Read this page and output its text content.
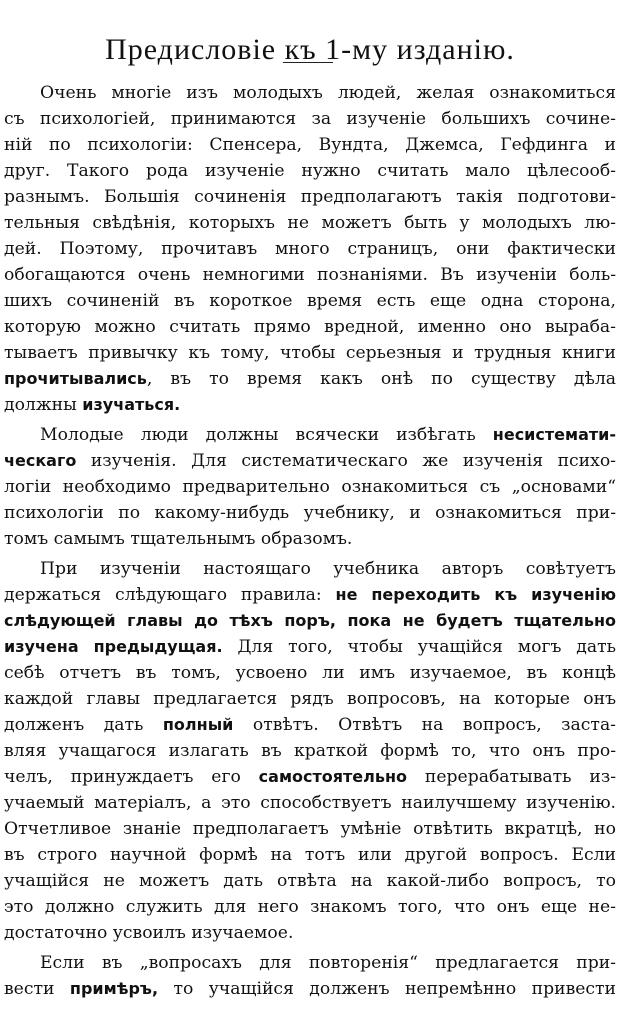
Предисловіе къ 1-му изданію.
Очень многіе изъ молодыхъ людей, желая ознакомиться
съ психологіей, принимаются за изученіе большихъ сочине-
ній по психологіи: Спенсера, Вундта, Джемса, Гефдинга и
друг. Такого рода изученіе нужно считать мало цѣлесооб-
разнымъ. Большія сочиненія предполагаютъ такія подготови-
тельныя свѣдѣнія, которыхъ не можетъ быть у молодыхъ лю-
дей. Поэтому, прочитавъ много страницъ, они фактически
обогащаются очень немногими познаніями. Въ изученіи боль-
шихъ сочиненій въ короткое время есть еще одна сторона,
которую можно считать прямо вредной, именно оно выраба-
тываетъ привычку къ тому, чтобы серьезныя и трудныя книги
прочитывались, въ то время какъ онѣ по существу дѣла
должны изучаться.
Молодые люди должны всячески избѣгать несистемати-
ческаго изученія. Для систематическаго же изученія психо-
логіи необходимо предварительно ознакомиться съ „основами“
психологіи по какому-нибудь учебнику, и ознакомиться при-
томъ самымъ тщательнымъ образомъ.
При изученіи настоящаго учебника авторъ совѣтуетъ
держаться слѣдующаго правила: не переходить къ изученію
слѣдующей главы до тѣхъ поръ, пока не будетъ тщательно
изучена предыдущая. Для того, чтобы учащійся могъ дать
себѣ отчетъ въ томъ, усвоено ли имъ изучаемое, въ концѣ
каждой главы предлагается рядъ вопросовъ, на которые онъ
долженъ дать полный отвѣтъ. Отвѣтъ на вопросъ, заста-
вляя учащагося излагать въ краткой формѣ то, что онъ про-
челъ, принуждаетъ его самостоятельно перерабатывать из-
учаемый матеріалъ, а это способствуетъ наилучшему изученію.
Отчетливое знаніе предполагаетъ умѣніе отвѣтить вкратцѣ, но
въ строго научной формѣ на тотъ или другой вопросъ. Если
учащійся не можетъ дать отвѣта на какой-либо вопросъ, то
это должно служить для него знакомъ того, что онъ еще не-
достаточно усвоилъ изучаемое.
Если въ „вопросахъ для повторенія“ предлагается при-
вести примѣръ, то учащійся долженъ непремѣнно привести
